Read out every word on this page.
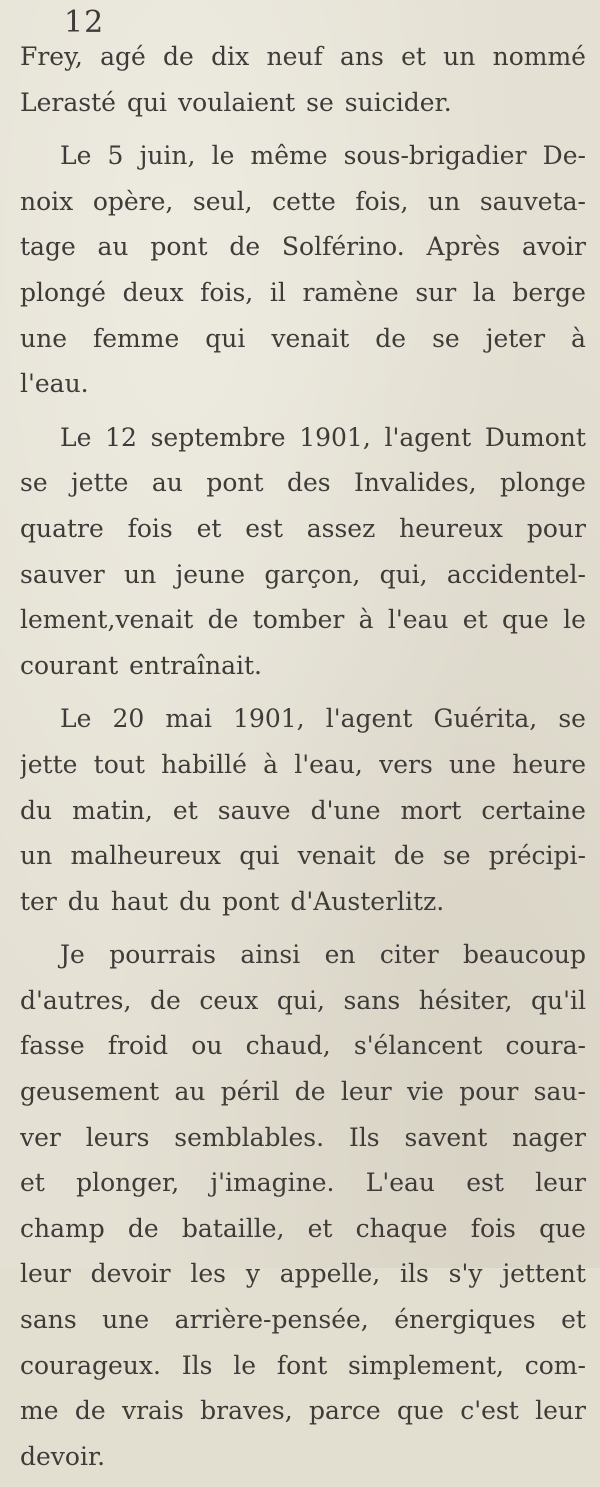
12
Frey, agé de dix neuf ans et un nommé
Lerasté qui voulaient se suicider.
Le 5 juin, le même sous-brigadier De-
noix opère, seul, cette fois, un sauveta-
tage au pont de Solférino. Après avoir
plongé deux fois, il ramène sur la berge
une femme qui venait de se jeter à
l'eau.
Le 12 septembre 1901, l'agent Dumont
se jette au pont des Invalides, plonge
quatre fois et est assez heureux pour
sauver un jeune garçon, qui, accidentel-
lement,venait de tomber à l'eau et que le
courant entraînait.
Le 20 mai 1901, l'agent Guérita, se
jette tout habillé à l'eau, vers une heure
du matin, et sauve d'une mort certaine
un malheureux qui venait de se précipi-
ter du haut du pont d'Austerlitz.
Je pourrais ainsi en citer beaucoup
d'autres, de ceux qui, sans hésiter, qu'il
fasse froid ou chaud, s'élancent coura-
geusement au péril de leur vie pour sau-
ver leurs semblables. Ils savent nager
et plonger, j'imagine. L'eau est leur
champ de bataille, et chaque fois que
leur devoir les y appelle, ils s'y jettent
sans une arrière-pensée, énergiques et
courageux. Ils le font simplement, com-
me de vrais braves, parce que c'est leur
devoir.
